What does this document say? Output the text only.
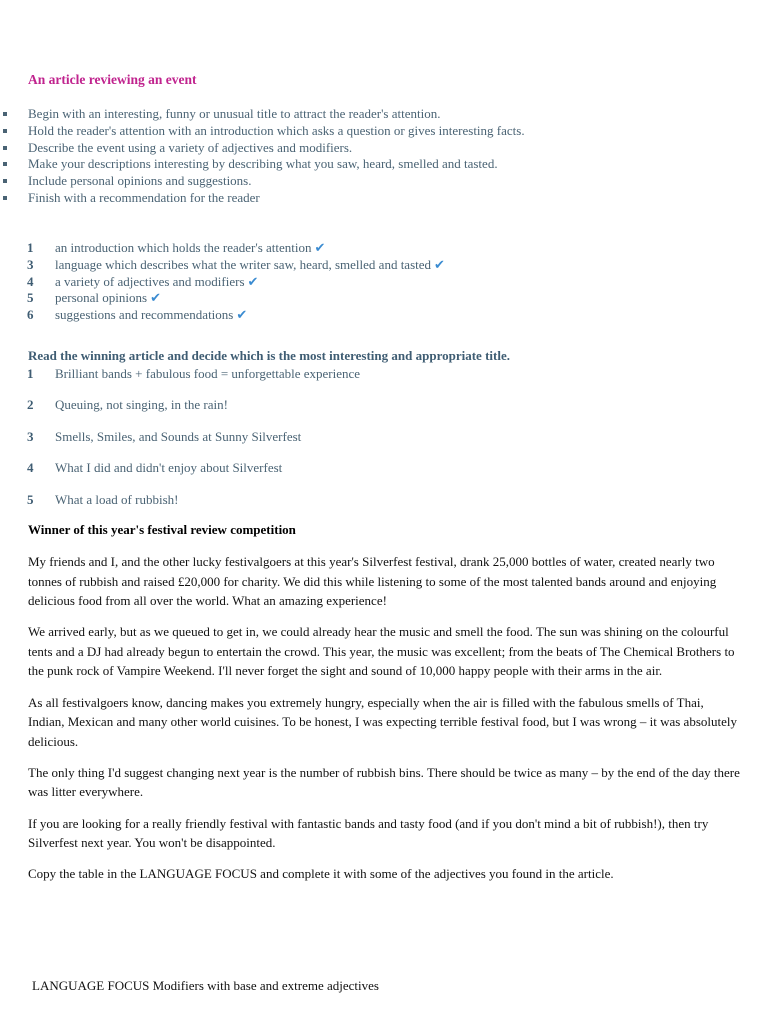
An article reviewing an event
Begin with an interesting, funny or unusual title to attract the reader's attention.
Hold the reader's attention with an introduction which asks a question or gives interesting facts.
Describe the event using a variety of adjectives and modifiers.
Make your descriptions interesting by describing what you saw, heard, smelled and tasted.
Include personal opinions and suggestions.
Finish with a recommendation for the reader
1 an introduction which holds the reader's attention ✔
3 language which describes what the writer saw, heard, smelled and tasted ✔
4 a variety of adjectives and modifiers ✔
5 personal opinions ✔
6 suggestions and recommendations ✔
Read the winning article and decide which is the most interesting and appropriate title.
1 Brilliant bands + fabulous food = unforgettable experience
2 Queuing, not singing, in the rain!
3 Smells, Smiles, and Sounds at Sunny Silverfest
4 What I did and didn't enjoy about Silverfest
5 What a load of rubbish!
Winner of this year's festival review competition

My friends and I, and the other lucky festivalgoers at this year's Silverfest festival, drank 25,000 bottles of water, created nearly two tonnes of rubbish and raised £20,000 for charity. We did this while listening to some of the most talented bands around and enjoying delicious food from all over the world. What an amazing experience!

We arrived early, but as we queued to get in, we could already hear the music and smell the food. The sun was shining on the colourful tents and a DJ had already begun to entertain the crowd. This year, the music was excellent; from the beats of The Chemical Brothers to the punk rock of Vampire Weekend. I'll never forget the sight and sound of 10,000 happy people with their arms in the air.

As all festivalgoers know, dancing makes you extremely hungry, especially when the air is filled with the fabulous smells of Thai, Indian, Mexican and many other world cuisines. To be honest, I was expecting terrible festival food, but I was wrong – it was absolutely delicious.

The only thing I'd suggest changing next year is the number of rubbish bins. There should be twice as many – by the end of the day there was litter everywhere.

If you are looking for a really friendly festival with fantastic bands and tasty food (and if you don't mind a bit of rubbish!), then try Silverfest next year. You won't be disappointed.

Copy the table in the LANGUAGE FOCUS and complete it with some of the adjectives you found in the article.

LANGUAGE FOCUS Modifiers with base and extreme adjectives
